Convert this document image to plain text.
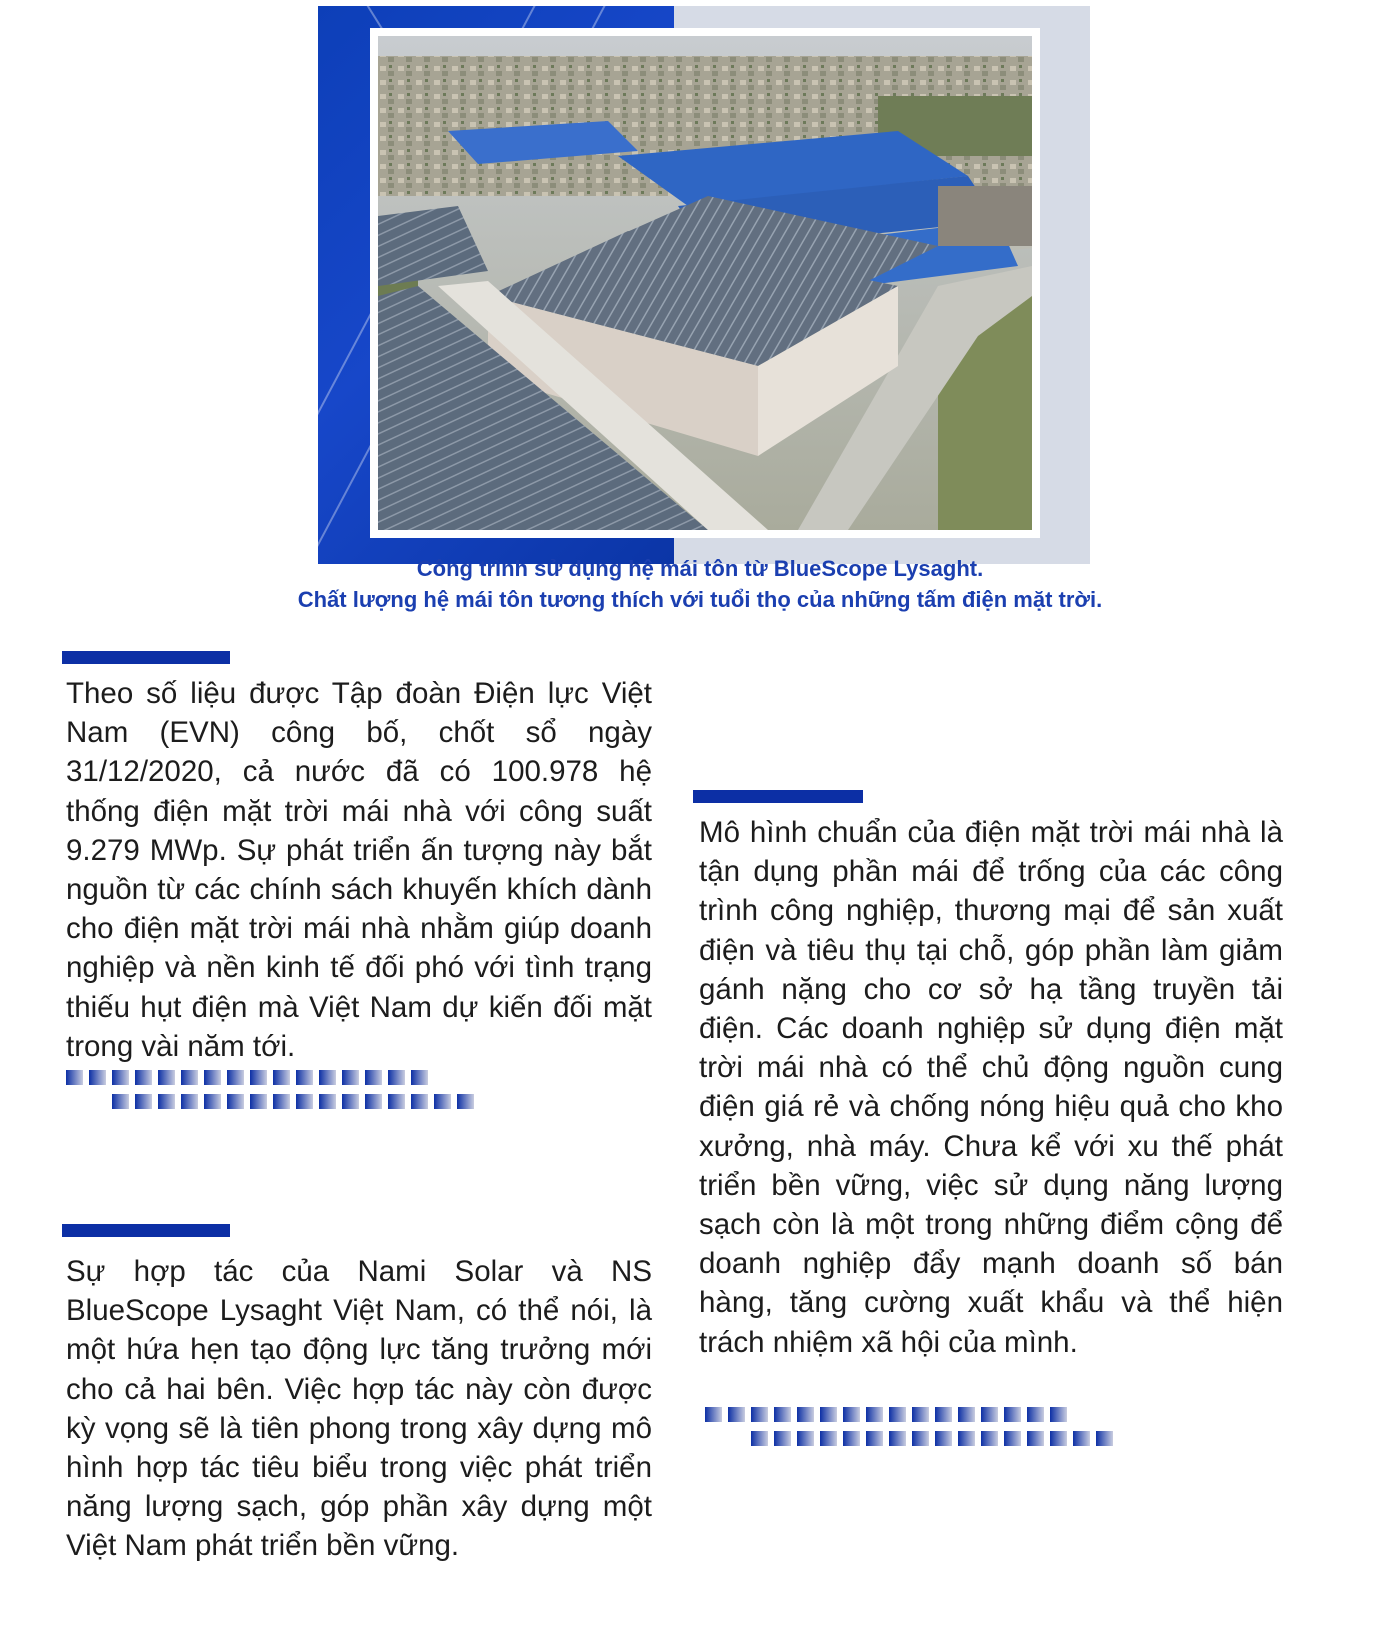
Công trình sử dụng hệ mái tôn từ BlueScope Lysaght.
Chất lượng hệ mái tôn tương thích với tuổi thọ của những tấm điện mặt trời.

Theo số liệu được Tập đoàn Điện lực Việt Nam (EVN) công bố, chốt sổ ngày 31/12/2020, cả nước đã có 100.978 hệ thống điện mặt trời mái nhà với công suất 9.279 MWp. Sự phát triển ấn tượng này bắt nguồn từ các chính sách khuyến khích dành cho điện mặt trời mái nhà nhằm giúp doanh nghiệp và nền kinh tế đối phó với tình trạng thiếu hụt điện mà Việt Nam dự kiến đối mặt trong vài năm tới.

Mô hình chuẩn của điện mặt trời mái nhà là tận dụng phần mái để trống của các công trình công nghiệp, thương mại để sản xuất điện và tiêu thụ tại chỗ, góp phần làm giảm gánh nặng cho cơ sở hạ tầng truyền tải điện. Các doanh nghiệp sử dụng điện mặt trời mái nhà có thể chủ động nguồn cung điện giá rẻ và chống nóng hiệu quả cho kho xưởng, nhà máy. Chưa kể với xu thế phát triển bền vững, việc sử dụng năng lượng sạch còn là một trong những điểm cộng để doanh nghiệp đẩy mạnh doanh số bán hàng, tăng cường xuất khẩu và thể hiện trách nhiệm xã hội của mình.

Sự hợp tác của Nami Solar và NS BlueScope Lysaght Việt Nam, có thể nói, là một hứa hẹn tạo động lực tăng trưởng mới cho cả hai bên. Việc hợp tác này còn được kỳ vọng sẽ là tiên phong trong xây dựng mô hình hợp tác tiêu biểu trong việc phát triển năng lượng sạch, góp phần xây dựng một Việt Nam phát triển bền vững.
